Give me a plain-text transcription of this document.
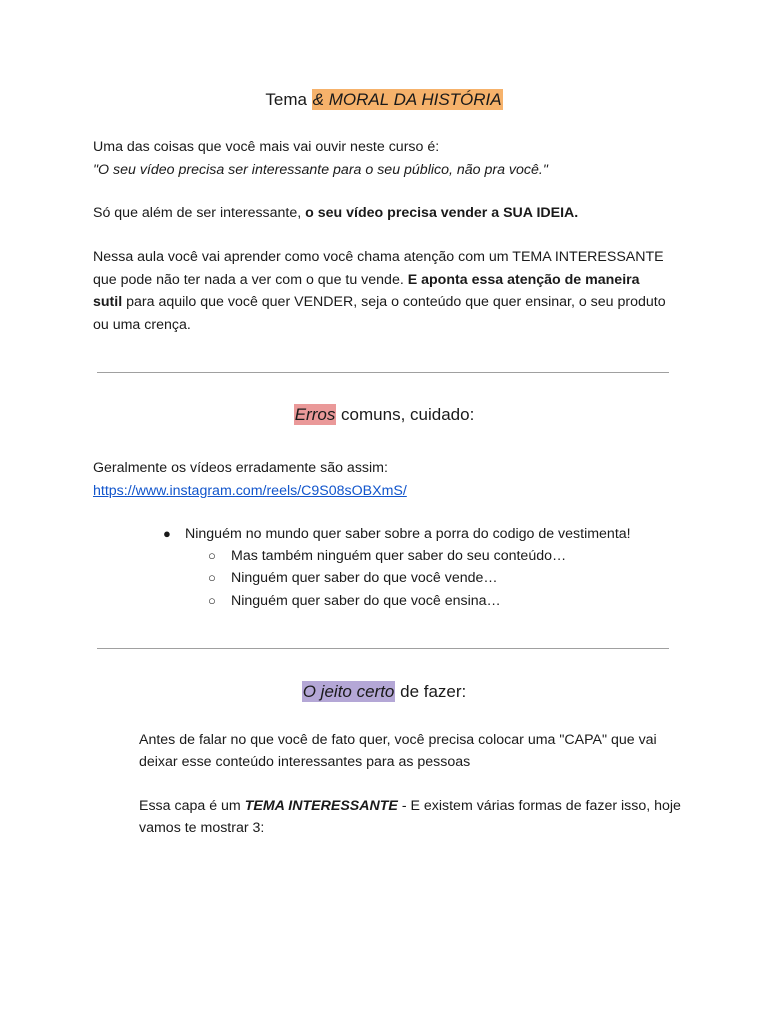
Tema & MORAL DA HISTÓRIA

Uma das coisas que você mais vai ouvir neste curso é:

"O seu vídeo precisa ser interessante para o seu público, não pra você."

Só que além de ser interessante, o seu vídeo precisa vender a SUA IDEIA.

Nessa aula você vai aprender como você chama atenção com um TEMA INTERESSANTE que pode não ter nada a ver com o que tu vende. E aponta essa atenção de maneira sutil para aquilo que você quer VENDER, seja o conteúdo que quer ensinar, o seu produto ou uma crença.

Erros comuns, cuidado:

Geralmente os vídeos erradamente são assim:

https://www.instagram.com/reels/C9S08sOBXmS/

● Ninguém no mundo quer saber sobre a porra do codigo de vestimenta!
○ Mas também ninguém quer saber do seu conteúdo…
○ Ninguém quer saber do que você vende…
○ Ninguém quer saber do que você ensina…
O jeito certo de fazer:

Antes de falar no que você de fato quer, você precisa colocar uma "CAPA" que vai deixar esse conteúdo interessantes para as pessoas

Essa capa é um TEMA INTERESSANTE - E existem várias formas de fazer isso, hoje vamos te mostrar 3:
